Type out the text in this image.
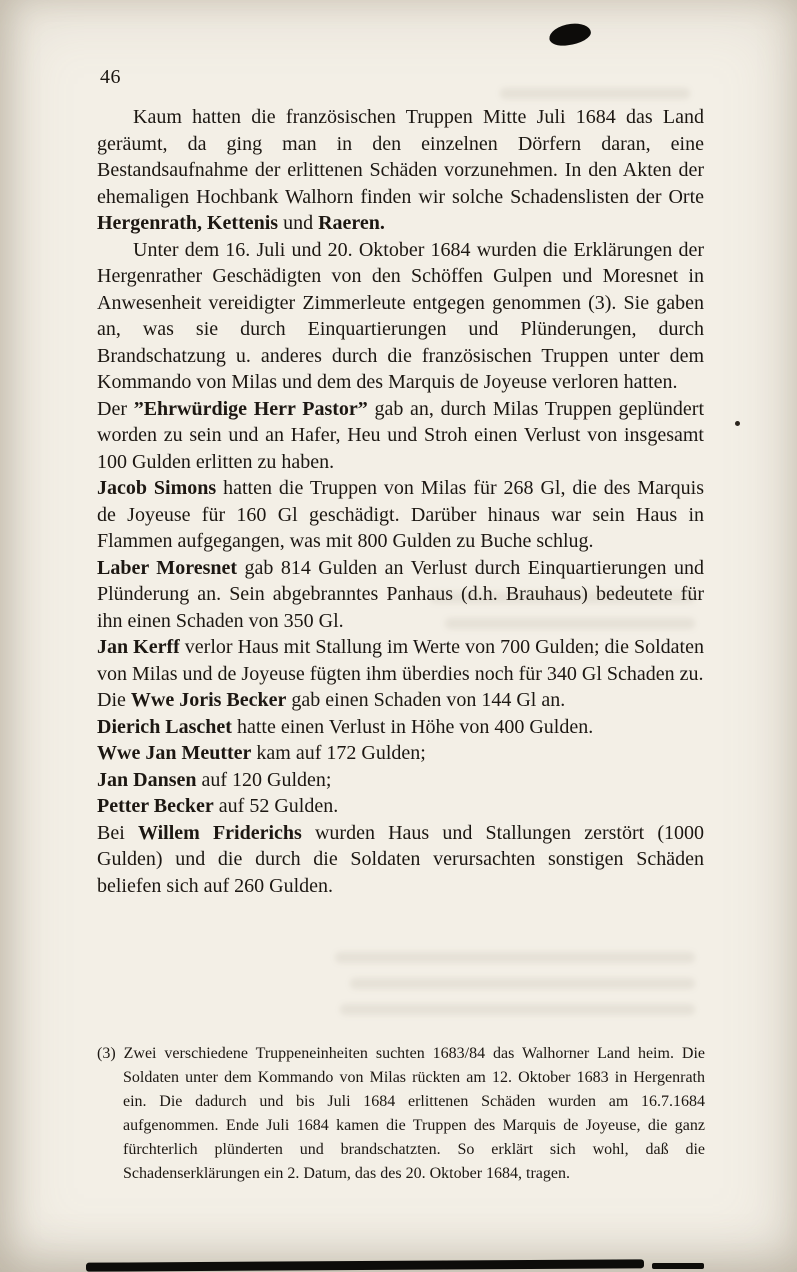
46

Kaum hatten die französischen Truppen Mitte Juli 1684 das Land geräumt, da ging man in den einzelnen Dörfern daran, eine Bestandsaufnahme der erlittenen Schäden vorzunehmen. In den Akten der ehemaligen Hochbank Walhorn finden wir solche Schadenslisten der Orte Hergenrath, Kettenis und Raeren.

Unter dem 16. Juli und 20. Oktober 1684 wurden die Erklärungen der Hergenrather Geschädigten von den Schöffen Gulpen und Moresnet in Anwesenheit vereidigter Zimmerleute entgegen genommen (3). Sie gaben an, was sie durch Einquartierungen und Plünderungen, durch Brandschatzung u. anderes durch die französischen Truppen unter dem Kommando von Milas und dem des Marquis de Joyeuse verloren hatten.

Der ”Ehrwürdige Herr Pastor” gab an, durch Milas Truppen geplündert worden zu sein und an Hafer, Heu und Stroh einen Verlust von insgesamt 100 Gulden erlitten zu haben.

Jacob Simons hatten die Truppen von Milas für 268 Gl, die des Marquis de Joyeuse für 160 Gl geschädigt. Darüber hinaus war sein Haus in Flammen aufgegangen, was mit 800 Gulden zu Buche schlug.

Laber Moresnet gab 814 Gulden an Verlust durch Einquartierungen und Plünderung an. Sein abgebranntes Panhaus (d.h. Brauhaus) bedeutete für ihn einen Schaden von 350 Gl.

Jan Kerff verlor Haus mit Stallung im Werte von 700 Gulden; die Soldaten von Milas und de Joyeuse fügten ihm überdies noch für 340 Gl Schaden zu.

Die Wwe Joris Becker gab einen Schaden von 144 Gl an.

Dierich Laschet hatte einen Verlust in Höhe von 400 Gulden.

Wwe Jan Meutter kam auf 172 Gulden;

Jan Dansen auf 120 Gulden;

Petter Becker auf 52 Gulden.

Bei Willem Friderichs wurden Haus und Stallungen zerstört (1000 Gulden) und die durch die Soldaten verursachten sonstigen Schäden beliefen sich auf 260 Gulden.

(3) Zwei verschiedene Truppeneinheiten suchten 1683/84 das Walhorner Land heim. Die Soldaten unter dem Kommando von Milas rückten am 12. Oktober 1683 in Hergenrath ein. Die dadurch und bis Juli 1684 erlittenen Schäden wurden am 16.7.1684 aufgenommen. Ende Juli 1684 kamen die Truppen des Marquis de Joyeuse, die ganz fürchterlich plünderten und brandschatzten. So erklärt sich wohl, daß die Schadenserklärungen ein 2. Datum, das des 20. Oktober 1684, tragen.
